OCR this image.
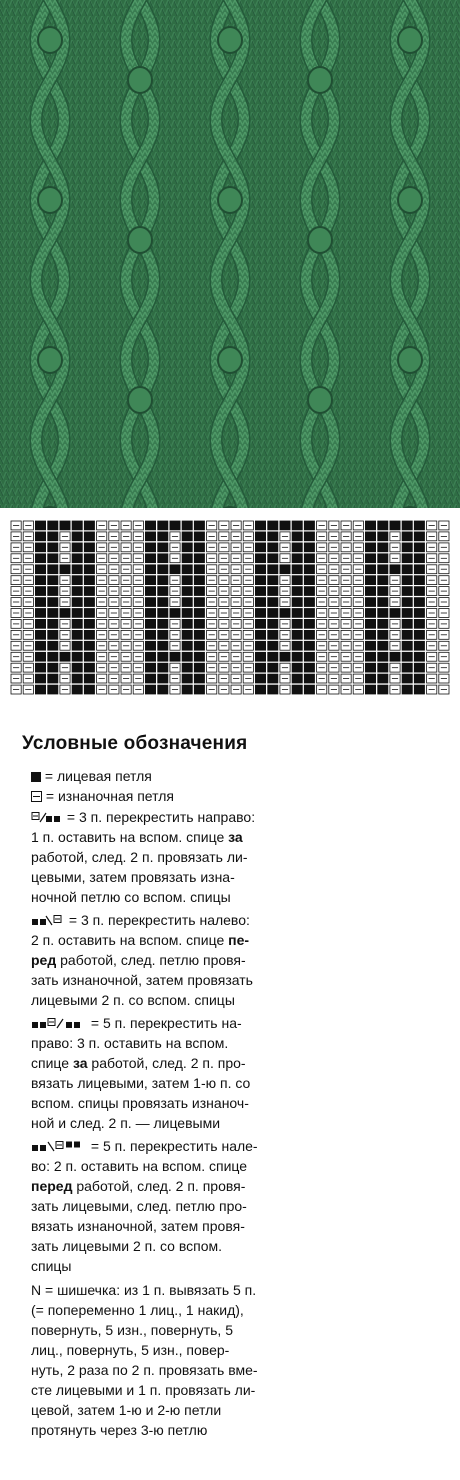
Условные обозначения
= лицевая петля
= изнаночная петля
= 3 п. перекрестить направо:
1 п. оставить на вспом. спице за
работой, след. 2 п. провязать ли-
цевыми, затем провязать изна-
ночной петлю со вспом. спицы
= 3 п. перекрестить налево:
2 п. оставить на вспом. спице пе-
ред работой, след. петлю провя-
зать изнаночной, затем провязать
лицевыми 2 п. со вспом. спицы
= 5 п. перекрестить на-
право: 3 п. оставить на вспом.
спице за работой, след. 2 п. про-
вязать лицевыми, затем 1-ю п. со
вспом. спицы провязать изнаноч-
ной и след. 2 п. — лицевыми
= 5 п. перекрестить нале-
во: 2 п. оставить на вспом. спице
перед работой, след. 2 п. провя-
зать лицевыми, след. петлю про-
вязать изнаночной, затем провя-
зать лицевыми 2 п. со вспом.
спицы
N = шишечка: из 1 п. вывязать 5 п.
(= попеременно 1 лиц., 1 накид),
повернуть, 5 изн., повернуть, 5
лиц., повернуть, 5 изн., повер-
нуть, 2 раза по 2 п. провязать вме-
сте лицевыми и 1 п. провязать ли-
цевой, затем 1-ю и 2-ю петли
протянуть через 3-ю петлю
